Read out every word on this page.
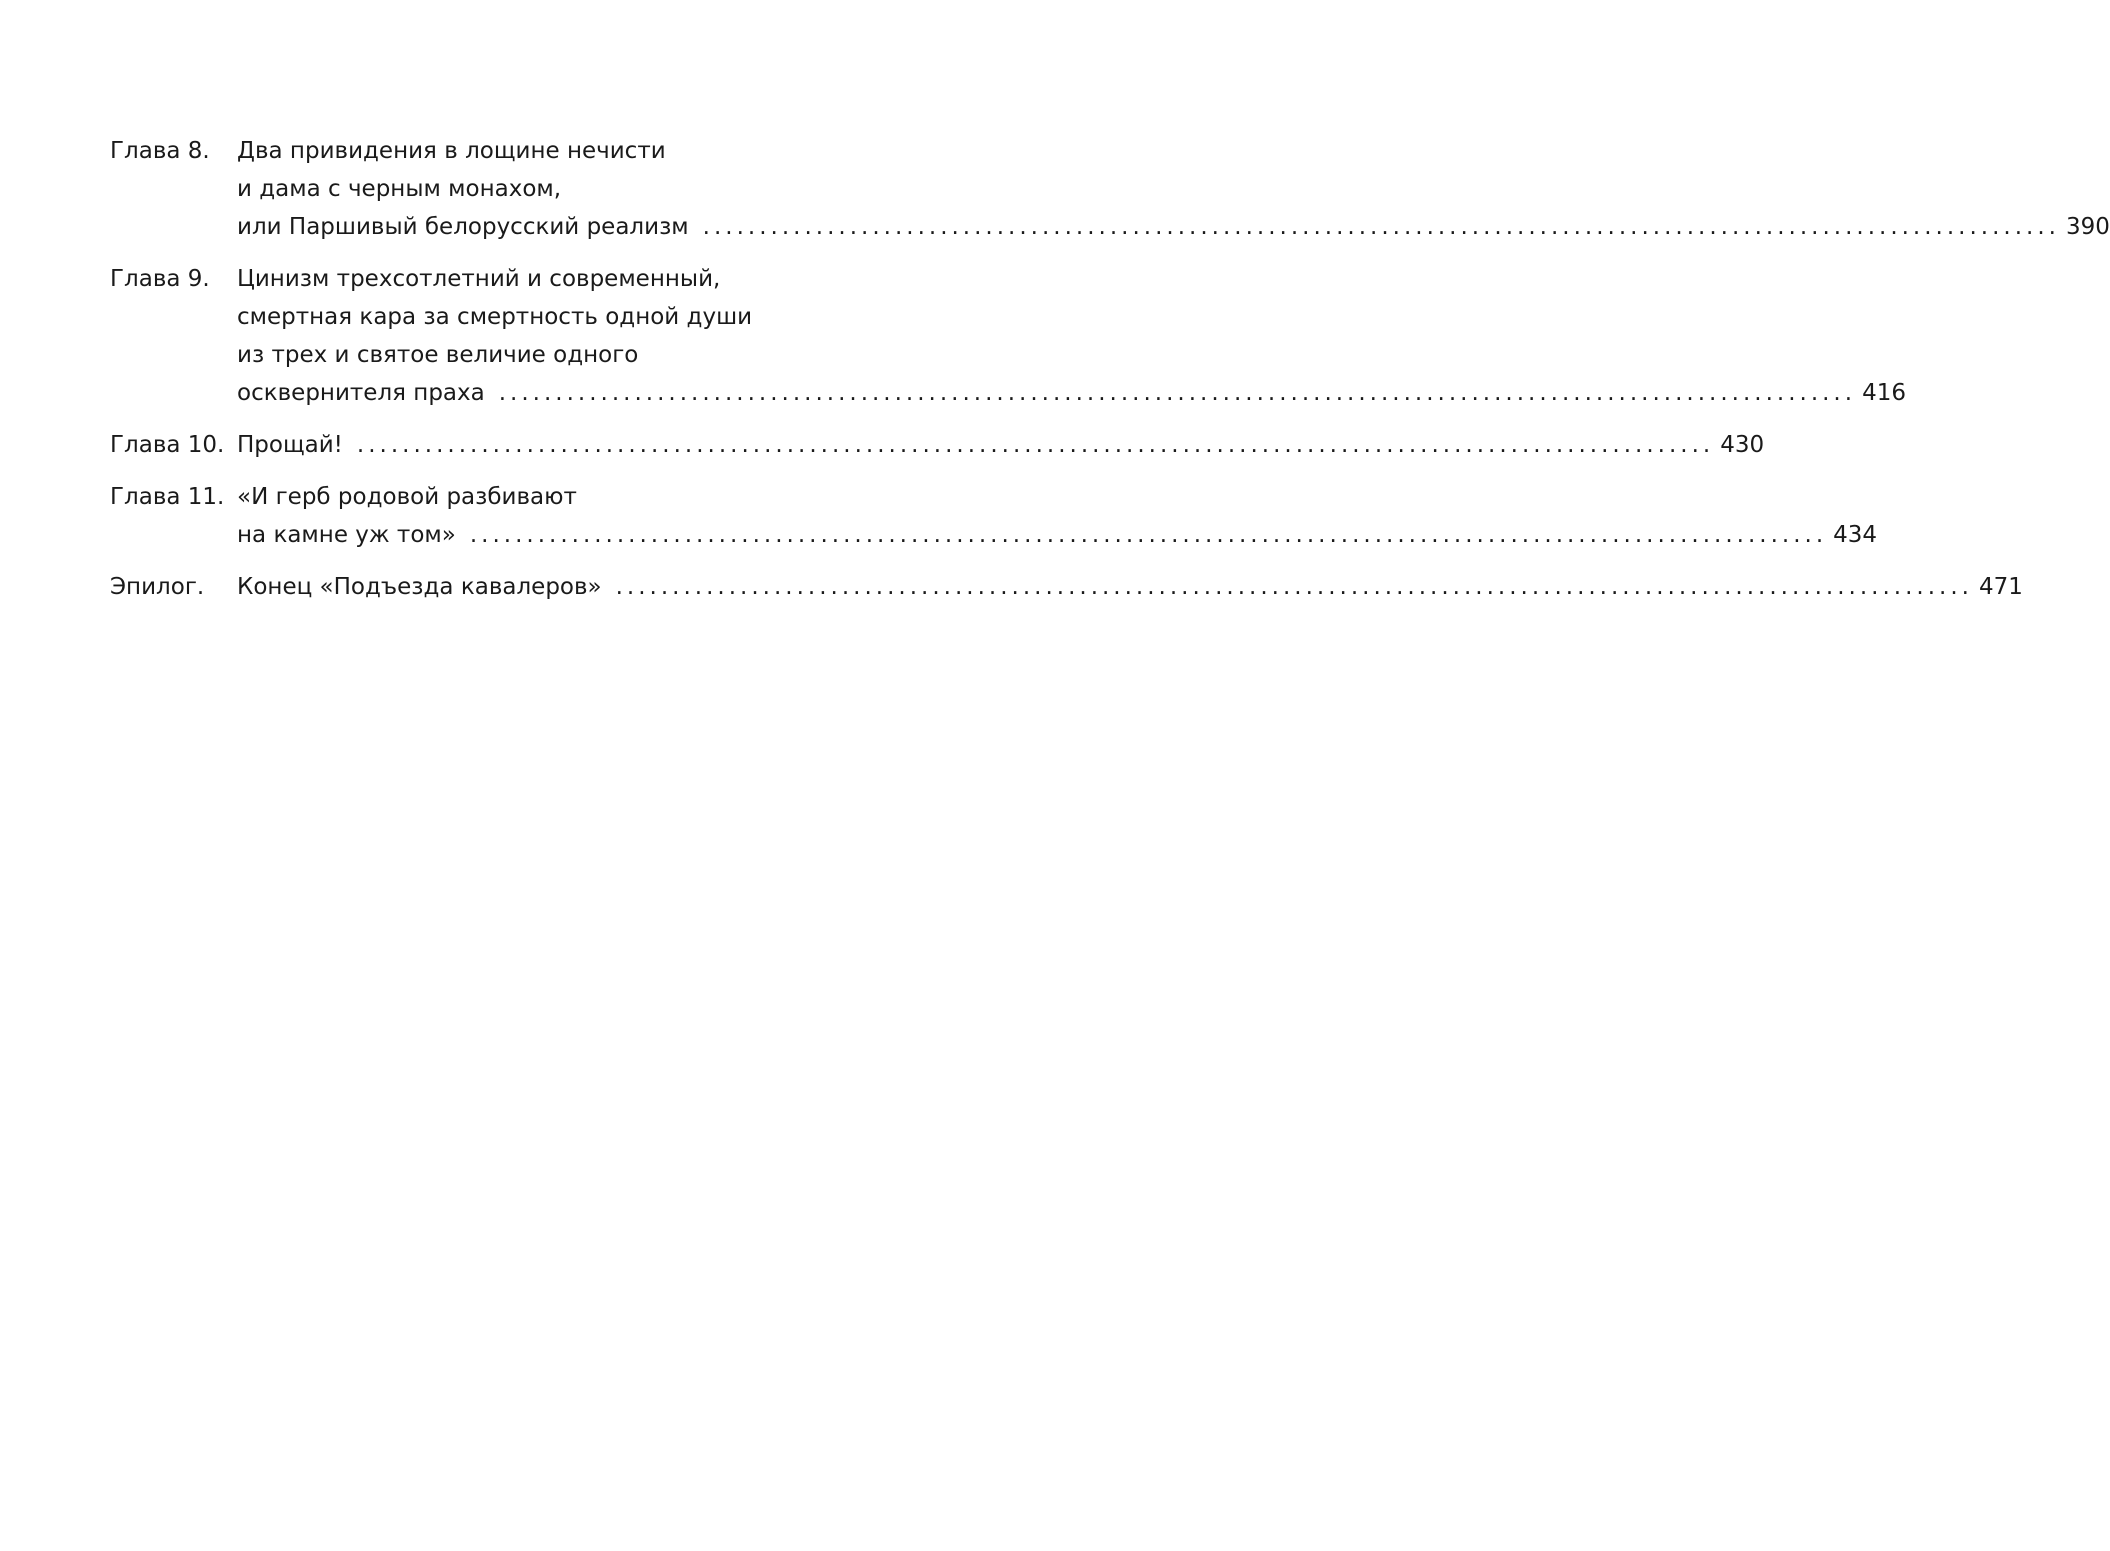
Глава 8.	Два привидения в лощине нечисти
и дама с черным монахом,
или Паршивый белорусский реализм ........................................................................................................................ 390
Глава 9.	Цинизм трехсотлетний и современный,
смертная кара за смертность одной души
из трех и святое величие одного
осквернителя праха ........................................................................................................................ 416
Глава 10. Прощай! ........................................................................................................................ 430
Глава 11. «И герб родовой разбивают
на камне уж том» ........................................................................................................................ 434
Эпилог.	Конец «Подъезда кавалеров» ........................................................................................................................ 471
